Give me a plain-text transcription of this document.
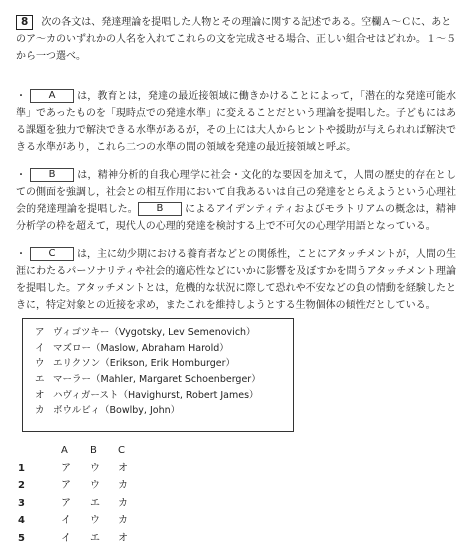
8 次の各文は、発達理論を提唱した人物とその理論に関する記述である。空欄Ａ～Ｃに、あとのア～カのいずれかの人名を入れてこれらの文を完成させる場合、正しい組合せはどれか。１～５から一つ選べ。
・ A は，教育とは，発達の最近接領域に働きかけることによって，「潜在的な発達可能水準」であったものを「現時点での発達水準」に変えることだという理論を提唱した。子どもにはある課題を独力で解決できる水準があるが，その上には大人からヒントや援助が与えられれば解決できる水準があり，これら二つの水準の間の領域を発達の最近接領域と呼ぶ。
・ B は，精神分析的自我心理学に社会・文化的な要因を加えて，人間の歴史的存在としての側面を強調し，社会との相互作用において自我あるいは自己の発達をとらえようという心理社会的発達理論を提唱した。 B によるアイデンティティおよびモラトリアムの概念は，精神分析学の枠を超えて，現代人の心理的発達を検討する上で不可欠の心理学用語となっている。
・ C は，主に幼少期における養育者などとの関係性，ことにアタッチメントが，人間の生涯にわたるパーソナリティや社会的適応性などにいかに影響を及ぼすかを問うアタッチメント理論を提唱した。アタッチメントとは，危機的な状況に際して恐れや不安などの負の情動を経験したときに，特定対象との近接を求め，またこれを維持しようとする生物個体の傾性だとしている。
ア ヴィゴツキー（Vygotsky, Lev Semenovich）
イ マズロー（Maslow, Abraham Harold）
ウ エリクソン（Erikson, Erik Homburger）
エ マーラー（Mahler, Margaret Schoenberger）
オ ハヴィガースト（Havighurst, Robert James）
カ ボウルビィ（Bowlby, John）
A B C
1	ア ウ オ
2	ア ウ カ
3	ア エ カ
4	イ ウ カ
5	イ エ オ
